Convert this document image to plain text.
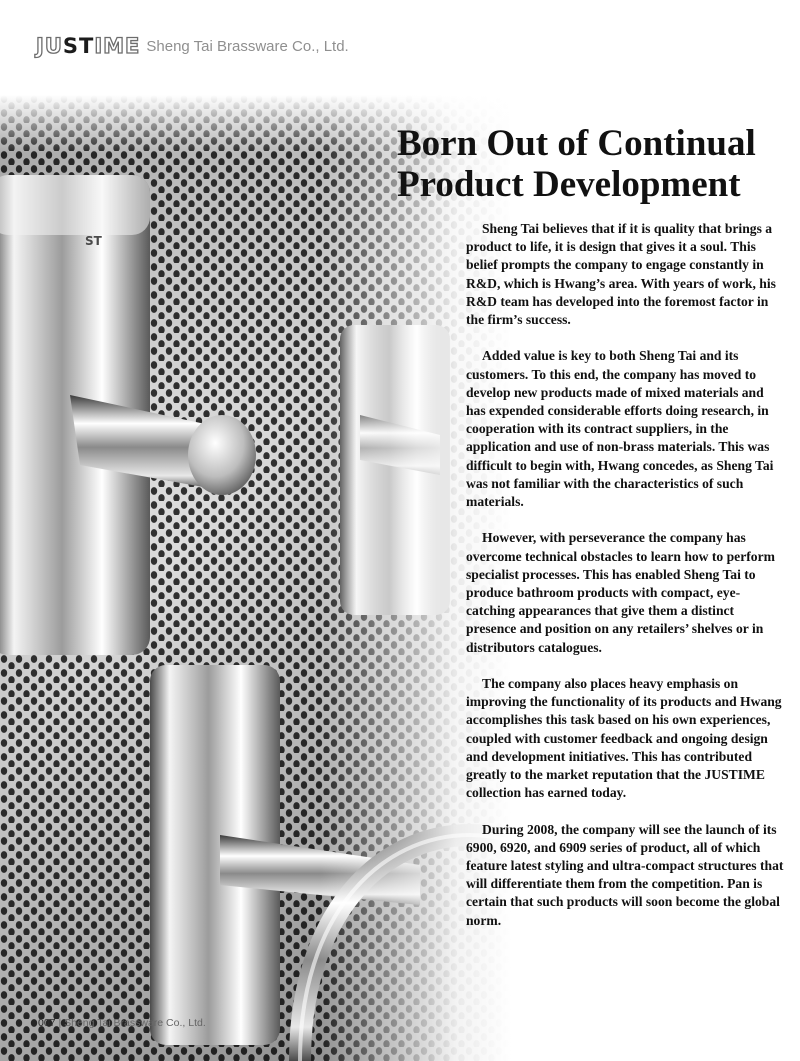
JUSTIME Sheng Tai Brassware Co., Ltd.
Born Out of Continual
Product Development

Sheng Tai believes that if it is quality that brings a product to life, it is design that gives it a soul. This belief prompts the company to engage constantly in R&D, which is Hwang’s area. With years of work, his R&D team has developed into the foremost factor in the firm’s success.

Added value is key to both Sheng Tai and its customers. To this end, the company has moved to develop new products made of mixed materials and has expended considerable efforts doing research, in cooperation with its contract suppliers, in the application and use of non-brass materials. This was difficult to begin with, Hwang concedes, as Sheng Tai was not familiar with the characteristics of such materials.

However, with perseverance the company has overcome technical obstacles to learn how to perform specialist processes. This has enabled Sheng Tai to produce bathroom products with compact, eye-catching appearances that give them a distinct presence and position on any retailers’ shelves or in distributors catalogues.

The company also places heavy emphasis on improving the functionality of its products and Hwang accomplishes this task based on his own experiences, coupled with customer feedback and ongoing design and development initiatives. This has contributed greatly to the market reputation that the JUSTIME collection has earned today.

During 2008, the company will see the launch of its 6900, 6920, and 6909 series of product, all of which feature latest styling and ultra-compact structures that will differentiate them from the competition. Pan is certain that such products will soon become the global norm.

007 | Sheng Tai Brassware Co., Ltd.
